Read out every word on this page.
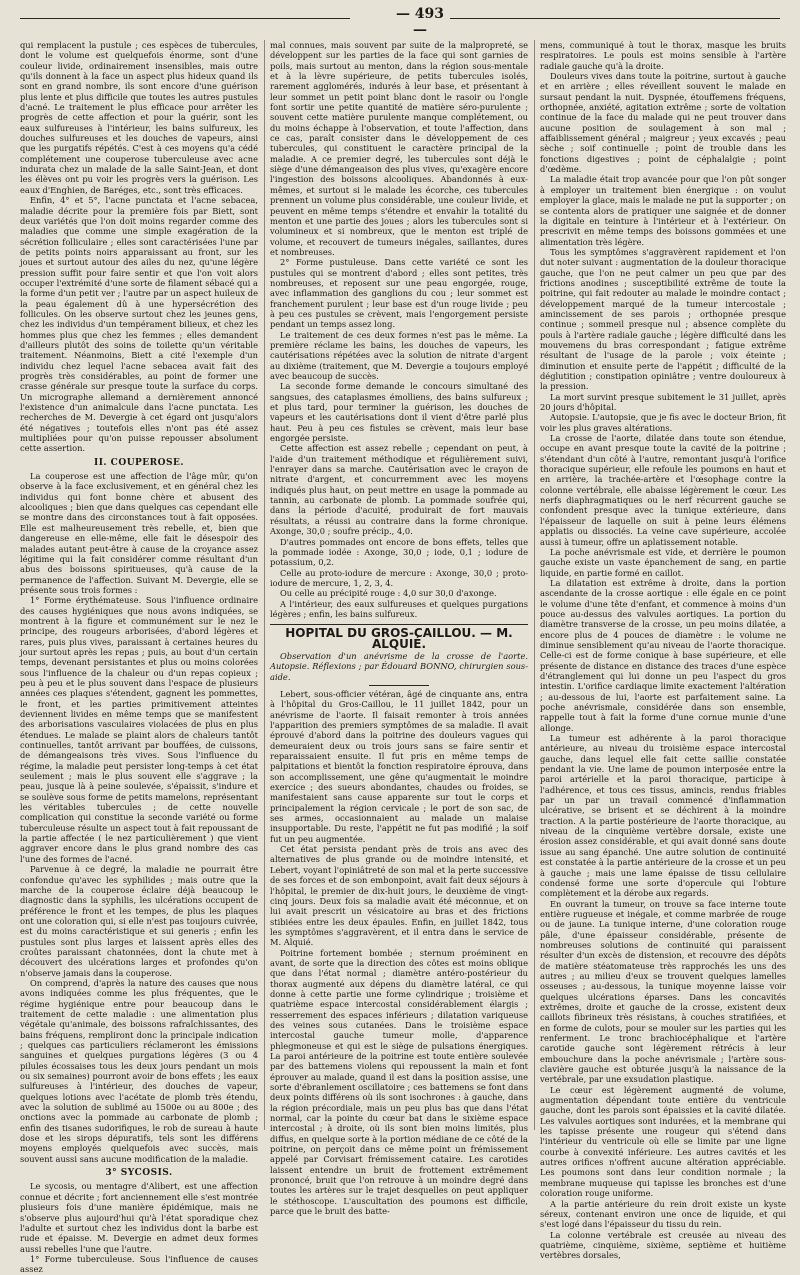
— 493 —

qui remplacent la pustule ; ces espèces de tubercules, dont le volume est quelquefois énorme, sont d'une couleur livide, ordinairement insensibles, mais outre qu'ils donnent à la face un aspect plus hideux quand ils sont en grand nombre, ils sont encore d'une guérison plus lente et plus difficile que toutes les autres pustules d'acné. Le traitement le plus efficace pour arrêter les progrès de cette affection et pour la guérir, sont les eaux sulfureuses à l'intérieur, les bains sulfureux, les douches sulfureuses et les douches de vapeurs, ainsi que les purgatifs répétés. C'est à ces moyens qu'a cédé complétement une couperose tuberculeuse avec acne indurata chez un malade de la salle Saint-Jean, et dont les élèves ont pu voir les progrès vers la guérison. Les eaux d'Enghien, de Baréges, etc., sont très efficaces.

Enfin, 4° et 5°, l'acne punctata et l'acne sebacea, maladie décrite pour la première fois par Biett, sont deux variétés que l'on doit moins regarder comme des maladies que comme une simple exagération de la sécrétion folliculaire ; elles sont caractérisées l'une par de petits points noirs apparaissant au front, sur les joues et surtout autour des ailes du nez, qu'une légère pression suffit pour faire sentir et que l'on voit alors occuper l'extrémité d'une sorte de filament sébacé qui a la forme d'un petit ver ; l'autre par un aspect huileux de la peau également dû à une hypersécrétion des follicules. On les observe surtout chez les jeunes gens, chez les individus d'un tempérament bilieux, et chez les hommes plus que chez les femmes ; elles demandent d'ailleurs plutôt des soins de toilette qu'un véritable traitement. Néanmoins, Biett a cité l'exemple d'un individu chez lequel l'acne sebacea avait fait des progrès très considérables, au point de former une crasse générale sur presque toute la surface du corps. Un micrographe allemand a dernièrement annoncé l'existence d'un animalcule dans l'acne punctata. Les recherches de M. Devergie à cet égard ont jusqu'alors été négatives ; toutefois elles n'ont pas été assez multipliées pour qu'on puisse repousser absolument cette assertion.

II. COUPEROSE.

La couperose est une affection de l'âge mûr, qu'on observe à la face exclusivement, et en général chez les individus qui font bonne chère et abusent des alcooliques ; bien que dans quelques cas cependant elle se montre dans des circonstances tout à fait opposées. Elle est malheureusement très rebelle, et, bien que dangereuse en elle-même, elle fait le désespoir des malades autant peut-être à cause de la croyance assez légitime qui la fait considérer comme résultant d'un abus des boissons spiritueuses, qu'à cause de la permanence de l'affection. Suivant M. Devergie, elle se présente sous trois formes :

1° Forme érythémateuse. Sous l'influence ordinaire des causes hygiéniques que nous avons indiquées, se montrent à la figure et communément sur le nez le principe, des rougeurs arborisées, d'abord légères et rares, puis plus vives, paraissant à certaines heures du jour surtout après les repas ; puis, au bout d'un certain temps, devenant persistantes et plus ou moins colorées sous l'influence de la chaleur ou d'un repas copieux ; peu à peu et le plus souvent dans l'espace de plusieurs années ces plaques s'étendent, gagnent les pommettes, le front, et les parties primitivement atteintes deviennent livides en même temps que se manifestent des arborisations vasculaires violacées de plus en plus étendues. Le malade se plaint alors de chaleurs tantôt continuelles, tantôt arrivant par bouffées, de cuissons, de démangeaisons très vives. Sous l'influence du régime, la maladie peut persister long-temps à cet état seulement ; mais le plus souvent elle s'aggrave ; la peau, jusque là à peine soulevée, s'épaissit, s'indure et se soulève sous forme de petits mamelons, représentant les véritables tubercules ; de cette nouvelle complication qui constitue la seconde variété ou forme tuberculeuse résulte un aspect tout à fait repoussant de la partie affectée ( le nez particulièrement ) que vient aggraver encore dans le plus grand nombre des cas l'une des formes de l'acné.

Parvenue à ce degré, la maladie ne pourrait être confondue qu'avec les syphilides ; mais outre que la marche de la couperose éclaire déjà beaucoup le diagnostic dans la syphilis, les ulcérations occupent de préférence le front et les tempes, de plus les plaques ont une coloration qui, si elle n'est pas toujours cuivrée, est du moins caractéristique et sui generis ; enfin les pustules sont plus larges et laissent après elles des croûtes paraissant chatonnées, dont la chute met à découvert des ulcérations larges et profondes qu'on n'observe jamais dans la couperose.

On comprend, d'après la nature des causes que nous avons indiquées comme les plus fréquentes, que le régime hygiénique entre pour beaucoup dans le traitement de cette maladie : une alimentation plus végétale qu'animale, des boissons rafraîchissantes, des bains fréquens, rempliront donc la principale indication ; quelques cas particuliers réclameront les émissions sanguines et quelques purgations légères (3 ou 4 pilules écossaises tous les deux jours pendant un mois ou six semaines) pourront avoir de bons effets ; les eaux sulfureuses à l'intérieur, des douches de vapeur, quelques lotions avec l'acétate de plomb très étendu, avec la solution de sublimé au 1500e ou au 800e ; des onctions avec la pommade au carbonate de plomb ; enfin des tisanes sudorifiques, le rob de sureau à haute dose et les sirops dépuratifs, tels sont les différens moyens employés quelquefois avec succès, mais souvent aussi sans aucune modification de la maladie.

3° SYCOSIS.

Le sycosis, ou mentagre d'Alibert, est une affection connue et décrite ; fort anciennement elle s'est montrée plusieurs fois d'une manière épidémique, mais ne s'observe plus aujourd'hui qu'à l'état sporadique chez l'adulte et surtout chez les individus dont la barbe est rude et épaisse. M. Devergie en admet deux formes aussi rebelles l'une que l'autre.

1° Forme tuberculeuse. Sous l'influence de causes assez

mal connues, mais souvent par suite de la malpropreté, se développent sur les parties de la face qui sont garnies de poils, mais surtout au menton, dans la région sous-mentale et à la lèvre supérieure, de petits tubercules isolés, rarement agglomérés, indurés à leur base, et présentant à leur sommet un petit point blanc dont le rasoir ou l'ongle font sortir une petite quantité de matière séro-purulente ; souvent cette matière purulente manque complétement, ou du moins échappe à l'observation, et toute l'affection, dans ce cas, paraît consister dans le développement de ces tubercules, qui constituent le caractère principal de la maladie. A ce premier degré, les tubercules sont déjà le siège d'une démangeaison des plus vives, qu'exagère encore l'ingestion des boissons alcooliques. Abandonnés à eux-mêmes, et surtout si le malade les écorche, ces tubercules prennent un volume plus considérable, une couleur livide, et peuvent en même temps s'étendre et envahir la totalité du menton et une partie des joues ; alors les tubercules sont si volumineux et si nombreux, que le menton est triplé de volume, et recouvert de tumeurs inégales, saillantes, dures et nombreuses.

2° Forme pustuleuse. Dans cette variété ce sont les pustules qui se montrent d'abord ; elles sont petites, très nombreuses, et reposent sur une peau engorgée, rouge, avec inflammation des ganglions du cou ; leur sommet est franchement purulent ; leur base est d'un rouge livide ; peu à peu ces pustules se crèvent, mais l'engorgement persiste pendant un temps assez long.

Le traitement de ces deux formes n'est pas le même. La première réclame les bains, les douches de vapeurs, les cautérisations répétées avec la solution de nitrate d'argent au dixième (traitement, que M. Devergie a toujours employé avec beaucoup de succès.

La seconde forme demande le concours simultané des sangsues, des cataplasmes émolliens, des bains sulfureux ; et plus tard, pour terminer la guérison, les douches de vapeurs et les cautérisations dont il vient d'être parlé plus haut. Peu à peu ces fistules se crèvent, mais leur base engorgée persiste.

Cette affection est assez rebelle ; cependant on peut, à l'aide d'un traitement méthodique et régulièrement suivi, l'enrayer dans sa marche. Cautérisation avec le crayon de nitrate d'argent, et concurremment avec les moyens indiqués plus haut, on peut mettre en usage la pommade au tannin, au carbonate de plomb. La pommade soufrée qui, dans la période d'acuité, produirait de fort mauvais résultats, a réussi au contraire dans la forme chronique. Axonge, 30,0 ; soufre précip., 4,0.

D'autres pommades ont encore de bons effets, telles que la pommade iodée : Axonge, 30,0 ; iode, 0,1 ; iodure de potassium, 0,2.

Celle au proto-iodure de mercure : Axonge, 30,0 ; proto-iodure de mercure, 1, 2, 3, 4.

Ou celle au précipité rouge : 4,0 sur 30,0 d'axonge.

A l'intérieur, des eaux sulfureuses et quelques purgations légères ; enfin, les bains sulfureux.

HOPITAL DU GROS-CAILLOU. — M. ALQUIÉ.

Observation d'un anévrisme de la crosse de l'aorte. Autopsie. Réflexions ; par Édouard BONNO, chirurgien sous-aide.

Lebert, sous-officier vétéran, âgé de cinquante ans, entra à l'hôpital du Gros-Caillou, le 11 juillet 1842, pour un anévrisme de l'aorte. Il faisait remonter à trois années l'apparition des premiers symptômes de sa maladie. Il avait éprouvé d'abord dans la poitrine des douleurs vagues qui demeuraient deux ou trois jours sans se faire sentir et reparaissaient ensuite. Il fut pris en même temps de palpitations et bientôt la fonction respiratoire éprouva, dans son accomplissement, une gêne qu'augmentait le moindre exercice ; des sueurs abondantes, chaudes ou froides, se manifestaient sans cause apparente sur tout le corps et principalement la région cervicale ; le port de son sac, de ses armes, occasionnaient au malade un malaise insupportable. Du reste, l'appétit ne fut pas modifié ; la soif fut un peu augmentée.

Cet état persista pendant près de trois ans avec des alternatives de plus grande ou de moindre intensité, et Lebert, voyant l'opiniâtreté de son mal et la perte successive de ses forces et de son embonpoint, avait fait deux séjours à l'hôpital, le premier de dix-huit jours, le deuxième de vingt-cinq jours. Deux fois sa maladie avait été méconnue, et on lui avait prescrit un vésicatoire au bras et des frictions stibiées entre les deux épaules. Enfin, en juillet 1842, tous les symptômes s'aggravèrent, et il entra dans le service de M. Alquié.

Poitrine fortement bombée ; sternum proéminent en avant, de sorte que la direction des côtes est moins oblique que dans l'état normal ; diamètre antéro-postérieur du thorax augmenté aux dépens du diamètre latéral, ce qui donne à cette partie une forme cylindrique ; troisième et quatrième espace intercostal considérablement élargis ; resserrement des espaces inférieurs ; dilatation variqueuse des veines sous cutanées. Dans le troisième espace intercostal gauche tumeur molle, d'apparence phlegmoneuse et qui est le siège de pulsations énergiques. La paroi antérieure de la poitrine est toute entière soulevée par des battemens violens qui repoussent la main et font éprouver au malade, quand il est dans la position assise, une sorte d'ébranlement oscillatoire ; ces battemens se font dans deux points différens où ils sont isochrones : à gauche, dans la région précordiale, mais un peu plus bas que dans l'état normal, car la pointe du cœur bat dans le sixième espace intercostal ; à droite, où ils sont bien moins limités, plus diffus, en quelque sorte à la portion médiane de ce côté de la poitrine, on perçoit dans ce même point un frémissement appelé par Corvisart frémissement cataire. Les carotides laissent entendre un bruit de frottement extrêmement prononcé, bruit que l'on retrouve à un moindre degré dans toutes les artères sur le trajet desquelles on peut appliquer le stéthoscope. L'auscultation des poumons est difficile, parce que le bruit des batte-

mens, communiqué à tout le thorax, masque les bruits respiratoires. Le pouls est moins sensible à l'artère radiale gauche qu'à la droite.

Douleurs vives dans toute la poitrine, surtout à gauche et en arrière ; elles réveillent souvent le malade en sursaut pendant la nuit. Dyspnée, étouffemens fréquens, orthopnée, anxiété, agitation extrême ; sorte de voltation continue de la face du malade qui ne peut trouver dans aucune position de soulagement à son mal ; affaiblissement général ; maigreur ; yeux excavés ; peau sèche ; soif continuelle ; point de trouble dans les fonctions digestives ; point de céphalalgie ; point d'œdème.

La maladie était trop avancée pour que l'on pût songer à employer un traitement bien énergique : on voulut employer la glace, mais le malade ne put la supporter ; on se contenta alors de pratiquer une saignée et de donner la digitale en teinture à l'intérieur et à l'extérieur. On prescrivit en même temps des boissons gommées et une alimentation très légère.

Tous les symptômes s'aggravèrent rapidement et l'on dut noter suivant : augmentation de la douleur thoracique gauche, que l'on ne peut calmer un peu que par des frictions anodines ; susceptibilité extrême de toute la poitrine, qui fait redouter au malade le moindre contact ; développement marqué de la tumeur intercostale ; amincissement de ses parois ; orthopnée presque continue ; sommeil presque nul ; absence complète du pouls à l'artère radiale gauche ; légère difficulté dans les mouvemens du bras correspondant ; fatigue extrême résultant de l'usage de la parole ; voix éteinte ; diminution et ensuite perte de l'appétit ; difficulté de la déglutition ; constipation opiniâtre ; ventre douloureux à la pression.

La mort survint presque subitement le 31 juillet, après 20 jours d'hôpital.

Autopsie. L'autopsie, que je fis avec le docteur Brion, fit voir les plus graves altérations.

La crosse de l'aorte, dilatée dans toute son étendue, occupe en avant presque toute la cavité de la poitrine ; s'étendant d'un côté à l'autre, remontant jusqu'à l'orifice thoracique supérieur, elle refoule les poumons en haut et en arrière, la trachée-artère et l'œsophage contre la colonne vertébrale, elle abaisse légèrement le cœur. Les nerfs diaphragmatiques ou le nerf récurrent gauche se confondent presque avec la tunique extérieure, dans l'épaisseur de laquelle on suit à peine leurs élémens applatis ou dissociés. La veine cave supérieure, accolée aussi à tumeur, offre un aplatissement notable.

La poche anévrismale est vide, et derrière le poumon gauche existe un vaste épanchement de sang, en partie liquide, en partie formé en caillot.

La dilatation est extrême à droite, dans la portion ascendante de la crosse aortique : elle égale en ce point le volume d'une tête d'enfant, et commence à moins d'un pouce au-dessus des valvules aortiques. La portion du diamètre transverse de la crosse, un peu moins dilatée, a encore plus de 4 pouces de diamètre : le volume ne diminue sensiblement qu'au niveau de l'aorte thoracique. Celle-ci est de forme conique à base supérieure, et elle présente de distance en distance des traces d'une espèce d'étranglement qui lui donne un peu l'aspect du gros intestin. L'orifice cardiaque limite exactement l'altération ; au-dessous de lui, l'aorte est parfaitement saine. La poche anévrismale, considérée dans son ensemble, rappelle tout à fait la forme d'une cornue munie d'une allonge.

La tumeur est adhérente à la paroi thoracique antérieure, au niveau du troisième espace intercostal gauche, dans lequel elle fait cette saillie constatée pendant la vie. Une lame de poumon interposée entre la paroi artérielle et la paroi thoracique, participe à l'adhérence, et tous ces tissus, amincis, rendus friables par un par un travail commencé d'inflammation ulcérative, se brisent et se déchirent à la moindre traction. A la partie postérieure de l'aorte thoracique, au niveau de la cinquième vertèbre dorsale, existe une érosion assez considérable, et qui avait donné sans doute issue au sang épanché. Une autre solution de continuité est constatée à la partie antérieure de la crosse et un peu à gauche ; mais une lame épaisse de tissu cellulaire condensé forme une sorte d'opercule qui l'obture complètement et la dérobe aux regards.

En ouvrant la tumeur, on trouve sa face interne toute entière rugueuse et inégale, et comme marbrée de rouge ou de jaune. La tunique interne, d'une coloration rouge pâle, d'une épaisseur considérable, présente de nombreuses solutions de continuité qui paraissent résulter d'un excès de distension, et recouvre des dépôts de matière stéatomateuse très rapprochés les uns des autres ; au milieu d'eux se trouvent quelques lamelles osseuses ; au-dessous, la tunique moyenne laisse voir quelques ulcérations éparses. Dans les concavités extrêmes, droite et gauche de la crosse, existent deux caillots fibrineux très résistans, à couches stratifiées, et en forme de culots, pour se mouler sur les parties qui les renferment. Le tronc brachiocéphalique et l'artère carotide gauche sont légèrement rétrécis à leur embouchure dans la poche anévrismale ; l'artère sous-clavière gauche est obturée jusqu'à la naissance de la vertébrale, par une exsudation plastique.

Le cœur est légèrement augmenté de volume, augmentation dépendant toute entière du ventricule gauche, dont les parois sont épaissies et la cavité dilatée. Les valvules aortiques sont indurées, et la membrane qui les tapisse présente une rougeur qui s'étend dans l'intérieur du ventricule où elle se limite par une ligne courbe à convexité inférieure. Les autres cavités et les autres orifices n'offrent aucune altération appréciable. Les poumons sont dans leur condition normale ; la membrane muqueuse qui tapisse les bronches est d'une coloration rouge uniforme.

A la partie antérieure du rein droit existe un kyste séreux, contenant environ une once de liquide, et qui s'est logé dans l'épaisseur du tissu du rein.

La colonne vertébrale est creusée au niveau des quatrième, cinquième, sixième, septième et huitième vertèbres dorsales,
